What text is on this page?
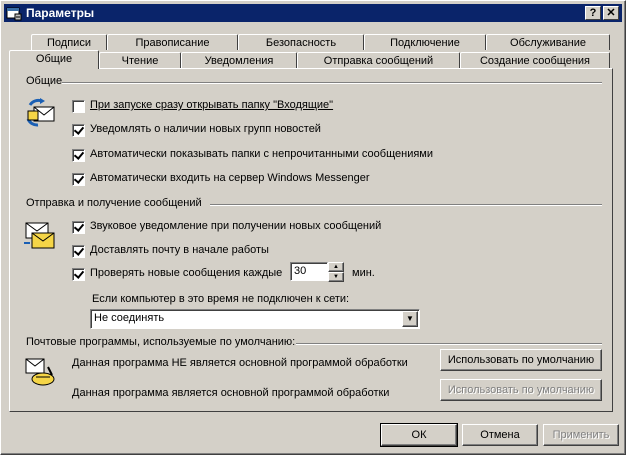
Параметры	? ✕
Подписи	Правописание	Безопасность	Подключение	Обслуживание
Чтение	Уведомления	Отправка сообщений	Создание сообщения
Общие
Общие
При запуске сразу открывать папку "Входящие"
Уведомлять о наличии новых групп новостей
Автоматически показывать папки с непрочитанными сообщениями
Автоматически входить на сервер Windows Messenger
Отправка и получение сообщений
Звуковое уведомление при получении новых сообщений
Доставлять почту в начале работы
Проверять новые сообщения каждые 30	▲
▼	мин.
Если компьютер в это время не подключен к сети:
Не соединять	▼
Почтовые программы, используемые по умолчанию:
Данная программа НЕ является основной программой обработки	Использовать по умолчанию
Данная программа является основной программой обработки	Использовать по умолчанию
ОК	Отмена	Применить
